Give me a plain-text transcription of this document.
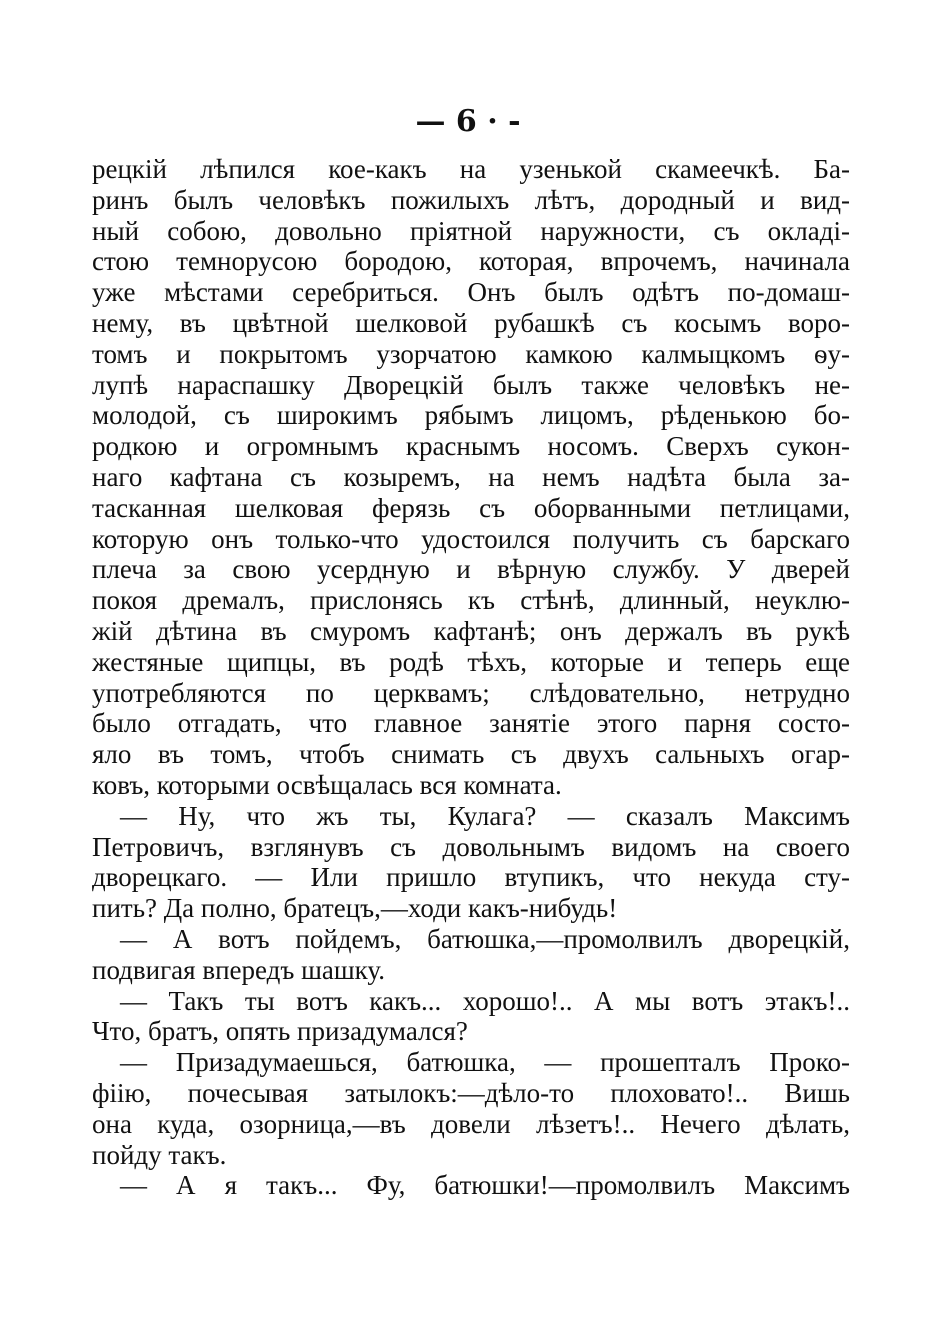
— 6 · -
рецкій лѣпился кое-какъ на узенькой скамеечкѣ. Ба-
ринъ былъ человѣкъ пожилыхъ лѣтъ, дородный и вид-
ный собою, довольно пріятной наружности, съ окладі-
стою темнорусою бородою, которая, впрочемъ, начинала
уже мѣстами серебриться. Онъ былъ одѣтъ по-домаш-
нему, въ цвѣтной шелковой рубашкѣ съ косымъ воро-
томъ и покрытомъ узорчатою камкою калмыцкомъ ѳу-
лупѣ нараспашку Дворецкій былъ также человѣкъ не-
молодой, съ широкимъ рябымъ лицомъ, рѣденькою бо-
родкою и огромнымъ краснымъ носомъ. Сверхъ сукон-
наго кафтана съ козыремъ, на немъ надѣта была за-
тасканная шелковая ферязь съ оборванными петлицами,
которую онъ только-что удостоился получить съ барскаго
плеча за свою усердную и вѣрную службу. У дверей
покоя дремалъ, прислонясь къ стѣнѣ, длинный, неуклю-
жій дѣтина въ смуромъ кафтанѣ; онъ держалъ въ рукѣ
жестяные щипцы, въ родѣ тѣхъ, которые и теперь еще
употребляются по церквамъ; слѣдовательно, нетрудно
было отгадать, что главное занятіе этого парня состо-
яло въ томъ, чтобъ снимать съ двухъ сальныхъ огар-
ковъ, которыми освѣщалась вся комната.
— Ну, что жъ ты, Кулага? — сказалъ Максимъ
Петровичъ, взглянувъ съ довольнымъ видомъ на своего
дворецкаго. — Или пришло втупикъ, что некуда сту-
пить? Да полно, братецъ,—ходи какъ-нибудь!
— А вотъ пойдемъ, батюшка,—промолвилъ дворецкій,
подвигая впередъ шашку.
— Такъ ты вотъ какъ... хорошо!.. А мы вотъ этакъ!..
Что, братъ, опять призадумался?
— Призадумаешься, батюшка, — прошепталъ Проко-
фіію, почесывая затылокъ:—дѣло-то плоховато!.. Вишь
она куда, озорница,—въ довели лѣзетъ!.. Нечего дѣлать,
пойду такъ.
— А я такъ... Фу, батюшки!—промолвилъ Максимъ
